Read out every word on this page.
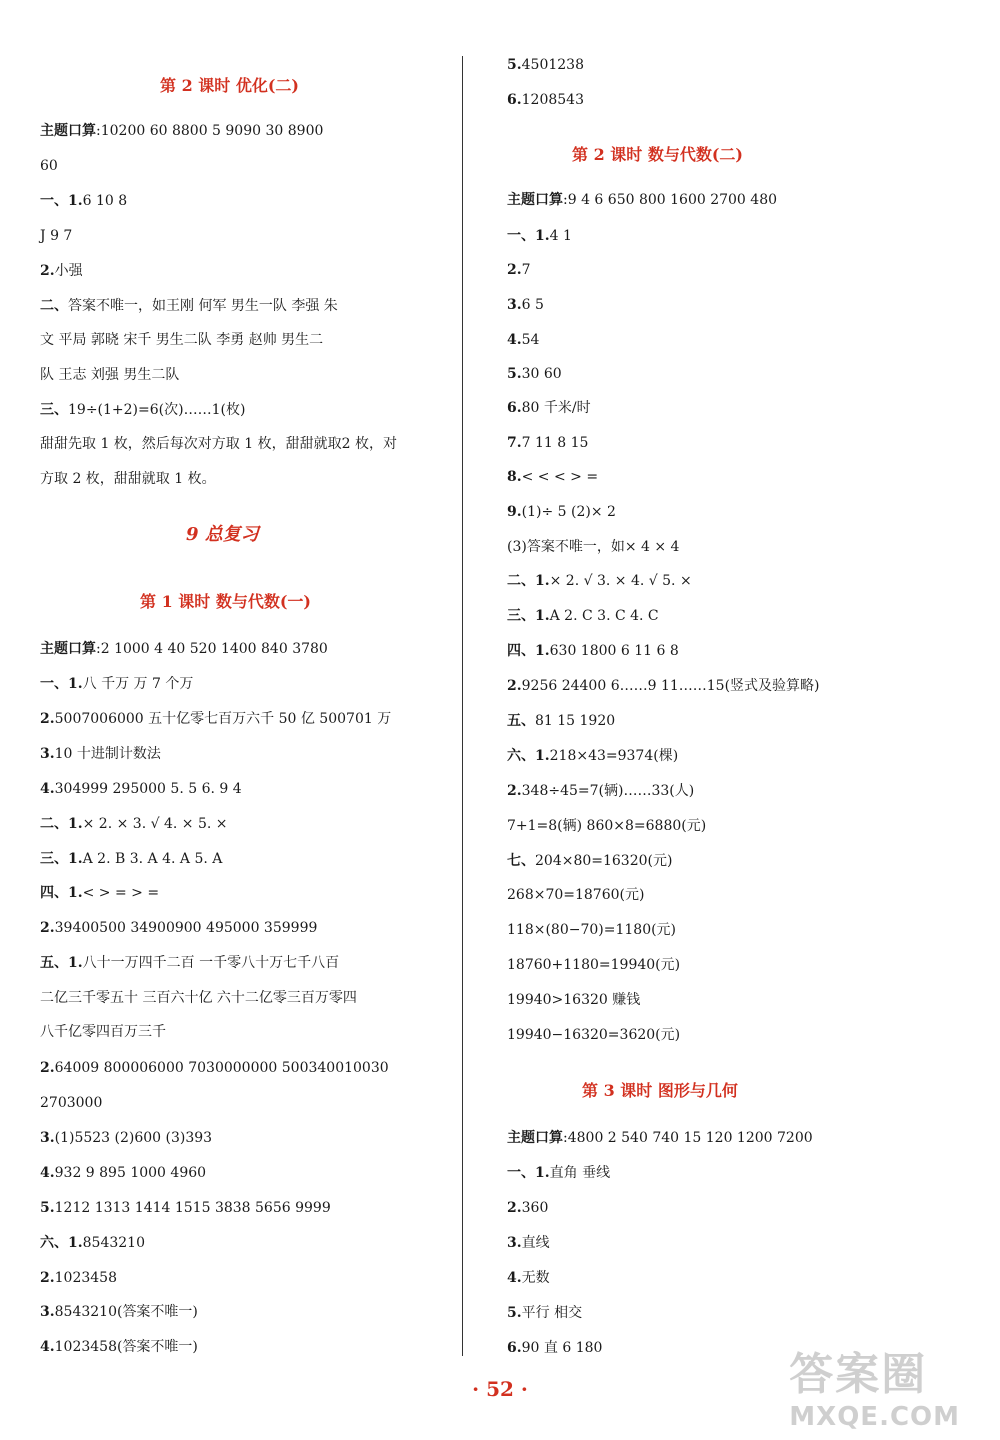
第 2 课时 优化(二)
主题口算:10200 60 8800 5 9090 30 8900
60
一、1.6 10 8
J 9 7
2.小强
二、答案不唯一，如王刚 何军 男生一队 李强 朱
文 平局 郭晓 宋千 男生二队 李勇 赵帅 男生二
队 王志 刘强 男生二队
三、19÷(1+2)=6(次)……1(枚)
甜甜先取 1 枚，然后每次对方取 1 枚，甜甜就取2 枚，对
方取 2 枚，甜甜就取 1 枚。
9 总复习
第 1 课时 数与代数(一)
主题口算:2 1000 4 40 520 1400 840 3780
一、1.八 千万 万 7 个万
2.5007006000 五十亿零七百万六千 50 亿 500701 万
3.10 十进制计数法
4.304999 295000 5. 5 6. 9 4
二、1.× 2. × 3. √ 4. × 5. ×
三、1.A 2. B 3. A 4. A 5. A
四、1.< > = > =
2.39400500 34900900 495000 359999
五、1.八十一万四千二百 一千零八十万七千八百
二亿三千零五十 三百六十亿 六十二亿零三百万零四
八千亿零四百万三千
2.64009 800006000 7030000000 500340010030
2703000
3.(1)5523 (2)600 (3)393
4.932 9 895 1000 4960
5.1212 1313 1414 1515 3838 5656 9999
六、1.8543210
2.1023458
3.8543210(答案不唯一)
4.1023458(答案不唯一)
5.4501238
6.1208543
第 2 课时 数与代数(二)
主题口算:9 4 6 650 800 1600 2700 480
一、1.4 1
2.7
3.6 5
4.54
5.30 60
6.80 千米/时
7.7 11 8 15
8.< < < > =
9.(1)÷ 5 (2)× 2
(3)答案不唯一，如× 4 × 4
二、1.× 2. √ 3. × 4. √ 5. ×
三、1.A 2. C 3. C 4. C
四、1.630 1800 6 11 6 8
2.9256 24400 6……9 11……15(竖式及验算略)
五、81 15 1920
六、1.218×43=9374(棵)
2.348÷45=7(辆)……33(人)
7+1=8(辆) 860×8=6880(元)
七、204×80=16320(元)
268×70=18760(元)
118×(80−70)=1180(元)
18760+1180=19940(元)
19940>16320 赚钱
19940−16320=3620(元)
第 3 课时 图形与几何
主题口算:4800 2 540 740 15 120 1200 7200
一、1.直角 垂线
2.360
3.直线
4.无数
5.平行 相交
6.90 直 6 180
· 52 ·	答案圈
MXQE.COM
